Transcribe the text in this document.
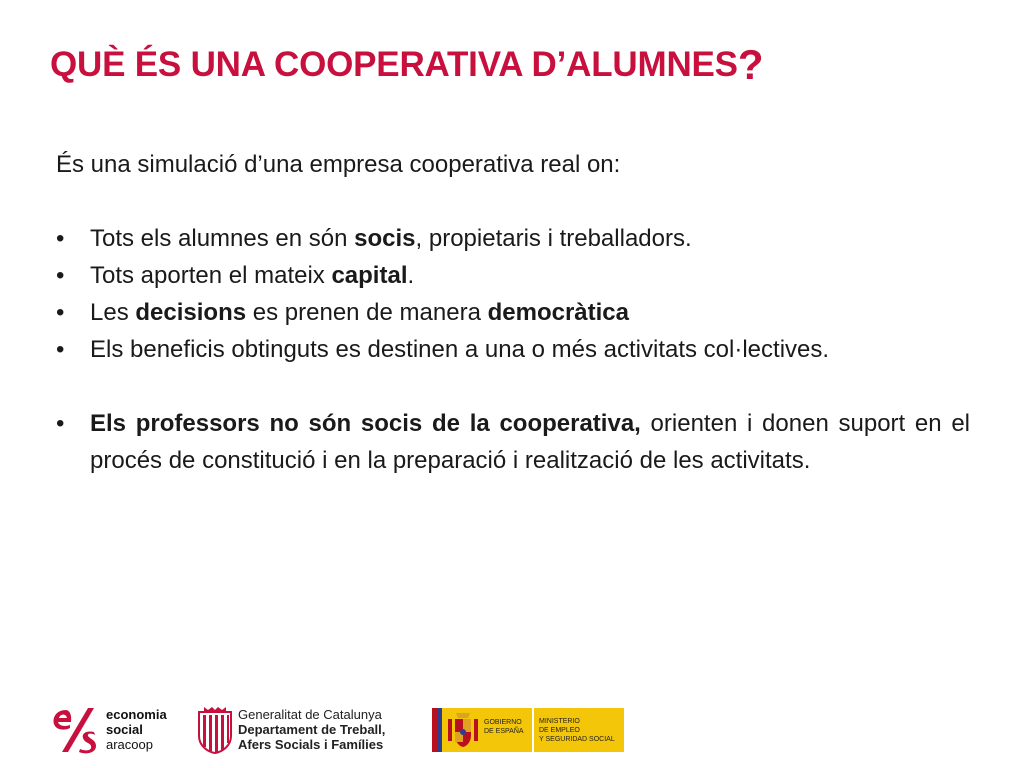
QUÈ ÉS UNA COOPERATIVA D’ALUMNES?

És una simulació d’una empresa cooperativa real on:

• Tots els alumnes en són socis, propietaris i treballadors.
• Tots aporten el mateix capital.
• Les decisions es prenen de manera democràtica
• Els beneficis obtinguts es destinen a una o més activitats col·lectives.
• Els professors no són socis de la cooperativa, orienten i donen suport en el procés de constitució i en la preparació i realització de les activitats.
economia
social
aracoop
Generalitat de Catalunya
Departament de Treball,
Afers Socials i Famílies
GOBIERNO
DE ESPAÑA
MINISTERIO
DE EMPLEO
Y SEGURIDAD SOCIAL
